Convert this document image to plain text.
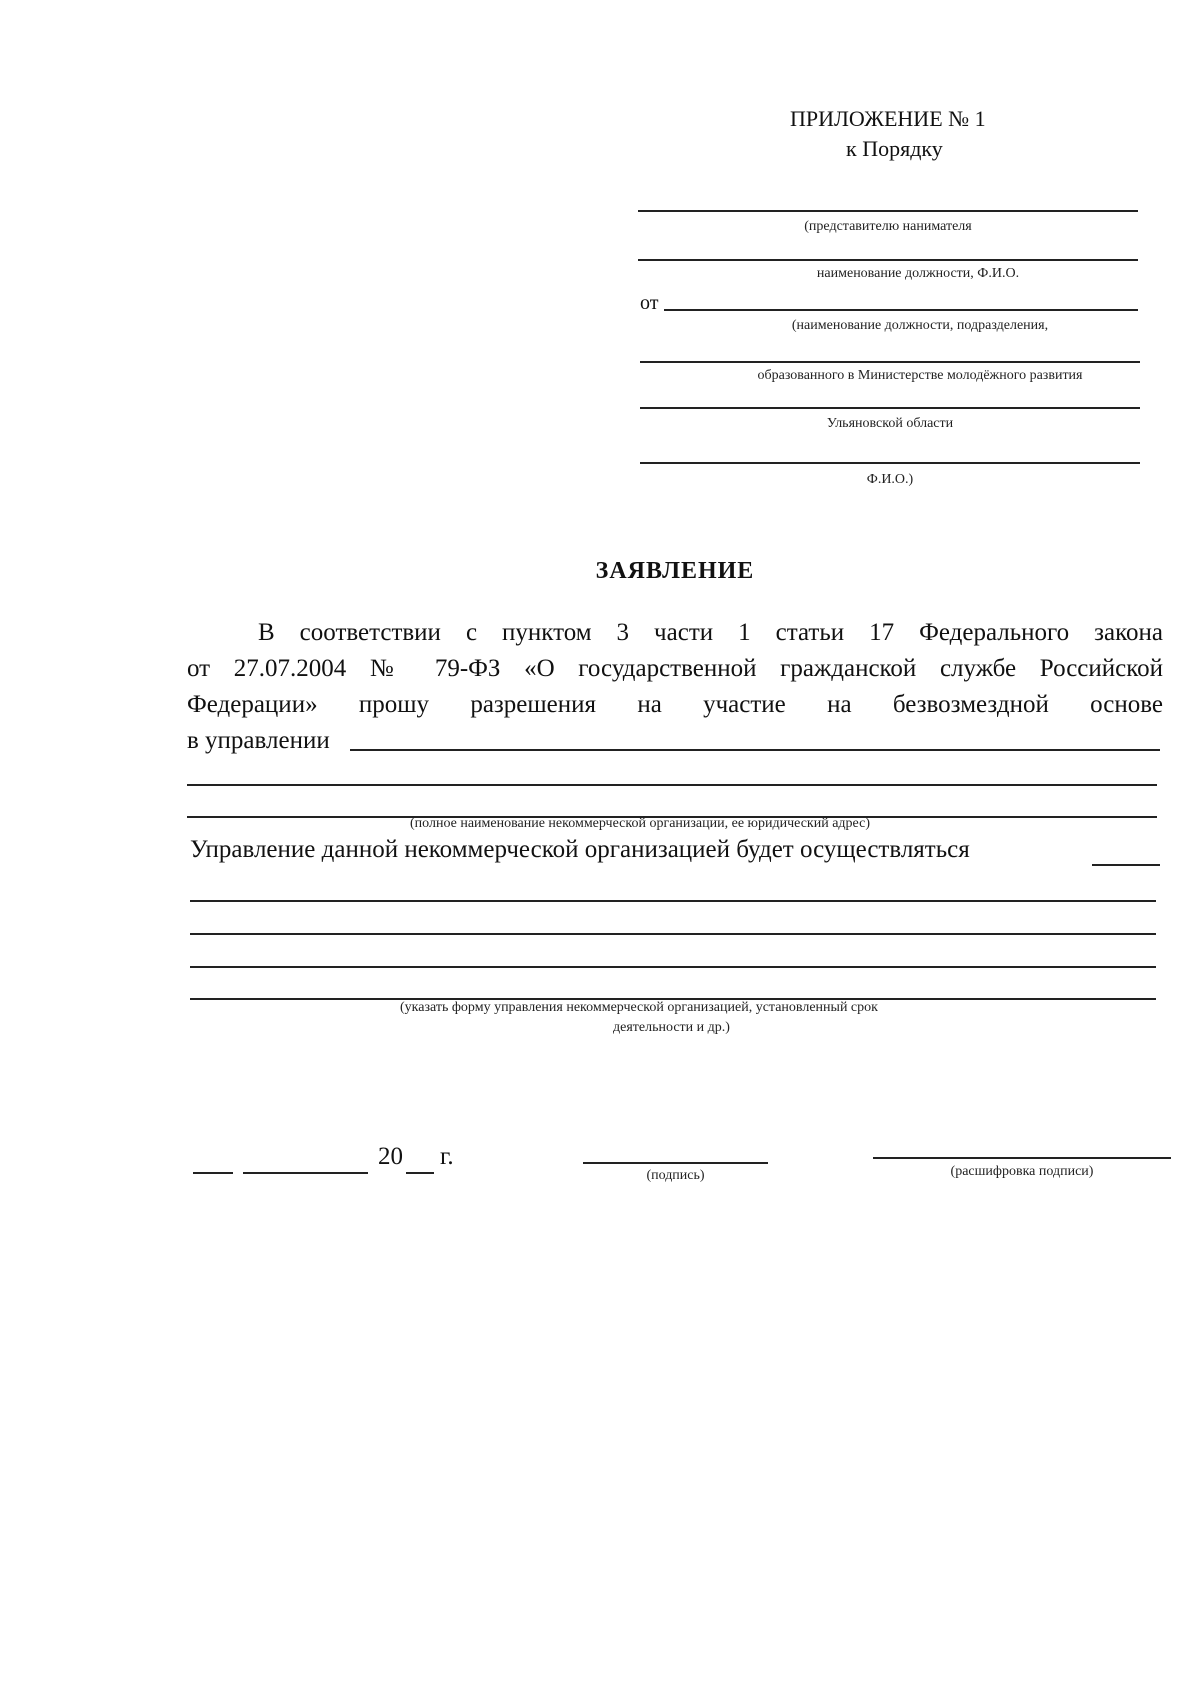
ПРИЛОЖЕНИЕ № 1
к Порядку
(представителю нанимателя
наименование должности, Ф.И.О.
от
(наименование должности, подразделения,
образованного в Министерстве молодёжного развития
Ульяновской области
Ф.И.О.)
ЗАЯВЛЕНИЕ
В соответствии с пунктом 3 части 1 статьи 17 Федерального закона
от 27.07.2004 № 79-ФЗ «О государственной гражданской службе Российской
Федерации» прошу разрешения на участие на безвозмездной основе
в управлении
(полное наименование некоммерческой организации, ее юридический адрес)
Управление данной некоммерческой организацией будет осуществляться
(указать форму управления некоммерческой организацией, установленный срок
деятельности и др.)
20 г.
(подпись)	(расшифровка подписи)
